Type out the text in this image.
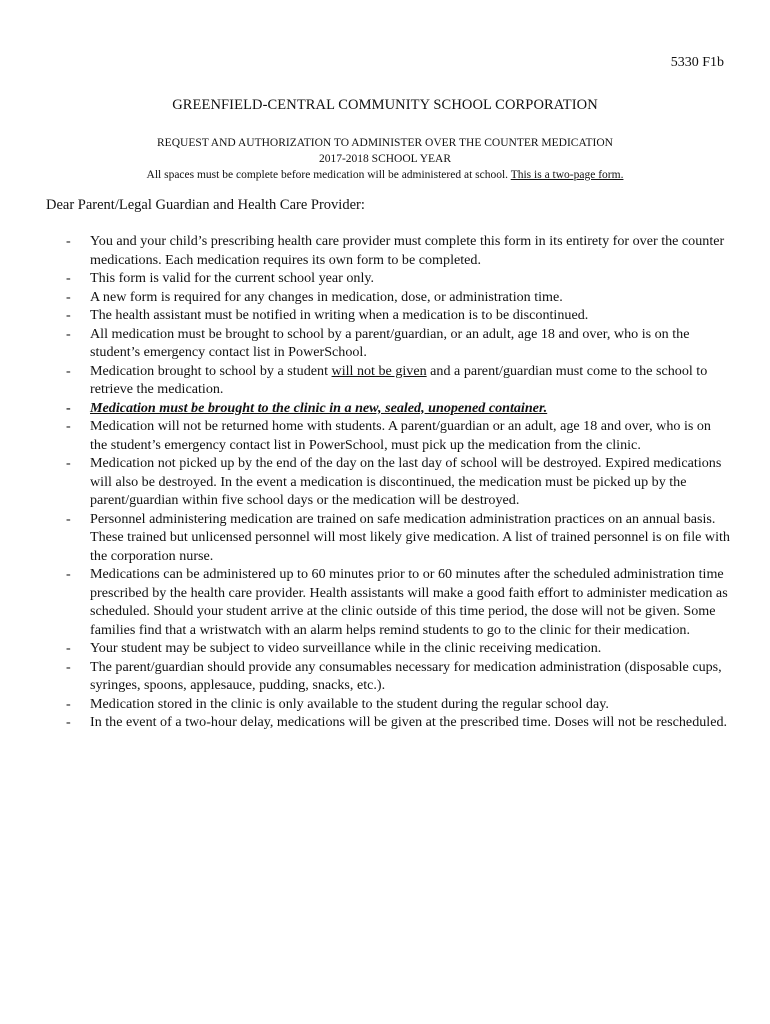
5330 F1b
GREENFIELD-CENTRAL COMMUNITY SCHOOL CORPORATION
REQUEST AND AUTHORIZATION TO ADMINISTER OVER THE COUNTER MEDICATION
2017-2018 SCHOOL YEAR
All spaces must be complete before medication will be administered at school. This is a two-page form.
Dear Parent/Legal Guardian and Health Care Provider:
- You and your child’s prescribing health care provider must complete this form in its entirety for over the counter medications. Each medication requires its own form to be completed.
- This form is valid for the current school year only.
- A new form is required for any changes in medication, dose, or administration time.
- The health assistant must be notified in writing when a medication is to be discontinued.
- All medication must be brought to school by a parent/guardian, or an adult, age 18 and over, who is on the student’s emergency contact list in PowerSchool.
- Medication brought to school by a student will not be given and a parent/guardian must come to the school to retrieve the medication.
- Medication must be brought to the clinic in a new, sealed, unopened container.
- Medication will not be returned home with students. A parent/guardian or an adult, age 18 and over, who is on the student’s emergency contact list in PowerSchool, must pick up the medication from the clinic.
- Medication not picked up by the end of the day on the last day of school will be destroyed. Expired medications will also be destroyed. In the event a medication is discontinued, the medication must be picked up by the parent/guardian within five school days or the medication will be destroyed.
- Personnel administering medication are trained on safe medication administration practices on an annual basis. These trained but unlicensed personnel will most likely give medication. A list of trained personnel is on file with the corporation nurse.
- Medications can be administered up to 60 minutes prior to or 60 minutes after the scheduled administration time prescribed by the health care provider. Health assistants will make a good faith effort to administer medication as scheduled. Should your student arrive at the clinic outside of this time period, the dose will not be given. Some families find that a wristwatch with an alarm helps remind students to go to the clinic for their medication.
- Your student may be subject to video surveillance while in the clinic receiving medication.
- The parent/guardian should provide any consumables necessary for medication administration (disposable cups, syringes, spoons, applesauce, pudding, snacks, etc.).
- Medication stored in the clinic is only available to the student during the regular school day.
- In the event of a two-hour delay, medications will be given at the prescribed time. Doses will not be rescheduled.
